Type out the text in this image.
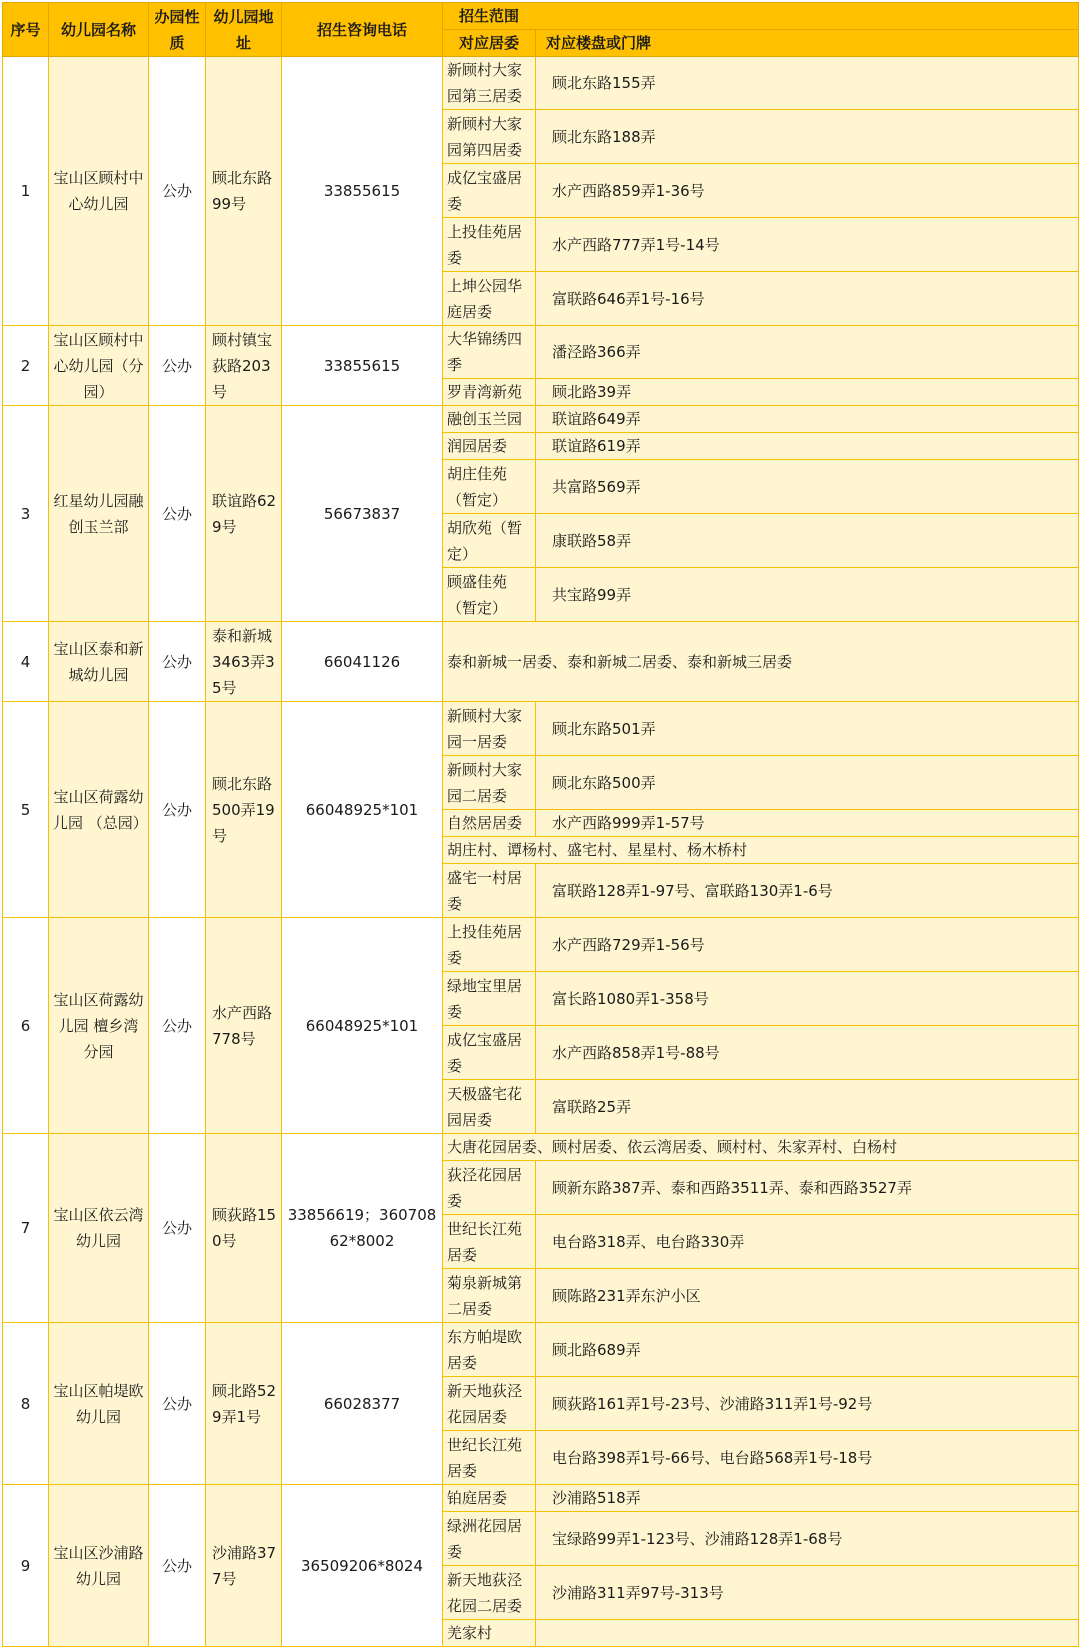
序号	幼儿园名称	办园性质	幼儿园地址	招生咨询电话	招生范围	
					对应居委	对应楼盘或门牌
1	宝山区顾村中心幼儿园	公办	顾北东路99号	33855615	新顾村大家园第三居委	顾北东路155弄
					新顾村大家园第四居委	顾北东路188弄
					成亿宝盛居委	水产西路859弄1-36号
					上投佳苑居委	水产西路777弄1号-14号
					上坤公园华庭居委	富联路646弄1号-16号
2	宝山区顾村中心幼儿园（分园）	公办	顾村镇宝荻路203号	33855615	大华锦绣四季	潘泾路366弄
					罗青湾新苑	顾北路39弄
3	红星幼儿园融创玉兰部	公办	联谊路629号	56673837	融创玉兰园	联谊路649弄
					润园居委	联谊路619弄
					胡庄佳苑（暂定）	共富路569弄
					胡欣苑（暂定）	康联路58弄
					顾盛佳苑（暂定）	共宝路99弄
4	宝山区泰和新城幼儿园	公办	泰和新城3463弄35号	66041126	泰和新城一居委、泰和新城二居委、泰和新城三居委	
5	宝山区荷露幼儿园 （总园）	公办	顾北东路500弄19号	66048925*101	新顾村大家园一居委	顾北东路501弄
					新顾村大家园二居委	顾北东路500弄
					自然居居委	水产西路999弄1-57号
					胡庄村、谭杨村、盛宅村、星星村、杨木桥村	
					盛宅一村居委	富联路128弄1-97号、富联路130弄1-6号
6	宝山区荷露幼儿园 檀乡湾分园	公办	水产西路778号	66048925*101	上投佳苑居委	水产西路729弄1-56号
					绿地宝里居委	富长路1080弄1-358号
					成亿宝盛居委	水产西路858弄1号-88号
					天极盛宅花园居委	富联路25弄
7	宝山区依云湾幼儿园	公办	顾荻路150号	33856619；36070862*8002	大唐花园居委、顾村居委、依云湾居委、顾村村、朱家弄村、白杨村	
					荻泾花园居委	顾新东路387弄、泰和西路3511弄、泰和西路3527弄
					世纪长江苑居委	电台路318弄、电台路330弄
					菊泉新城第二居委	顾陈路231弄东沪小区
8	宝山区帕堤欧幼儿园	公办	顾北路529弄1号	66028377	东方帕堤欧居委	顾北路689弄
					新天地荻泾花园居委	顾荻路161弄1号-23号、沙浦路311弄1号-92号
					世纪长江苑居委	电台路398弄1号-66号、电台路568弄1号-18号
9	宝山区沙浦路幼儿园	公办	沙浦路377号	36509206*8024	铂庭居委	沙浦路518弄
					绿洲花园居委	宝绿路99弄1-123号、沙浦路128弄1-68号
					新天地荻泾花园二居委	沙浦路311弄97号-313号
					羌家村	
